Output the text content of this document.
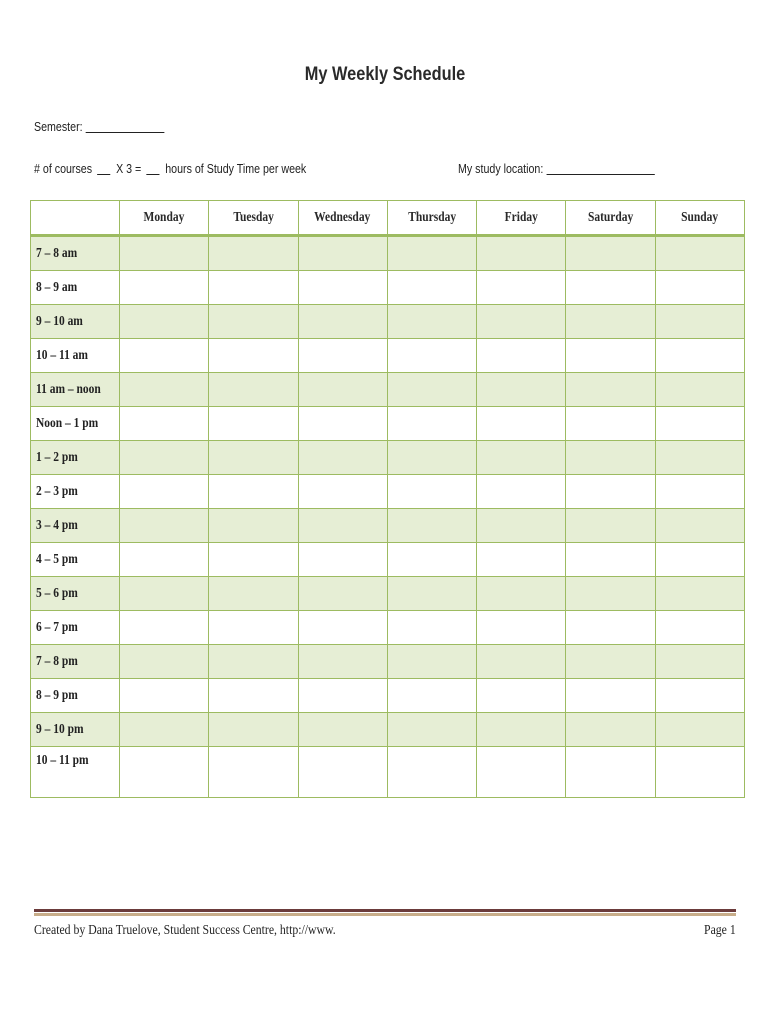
My Weekly Schedule
Semester:
# of courses X 3 = hours of Study Time per week	My study location:
	Monday	Tuesday	Wednesday	Thursday	Friday	Saturday	Sunday
7 – 8 am							
8 – 9 am							
9 – 10 am							
10 – 11 am							
11 am – noon							
Noon – 1 pm							
1 – 2 pm							
2 – 3 pm							
3 – 4 pm							
4 – 5 pm							
5 – 6 pm							
6 – 7 pm							
7 – 8 pm							
8 – 9 pm							
9 – 10 pm							
10 – 11 pm							
Created by Dana Truelove, Student Success Centre, http://www.	Page 1
